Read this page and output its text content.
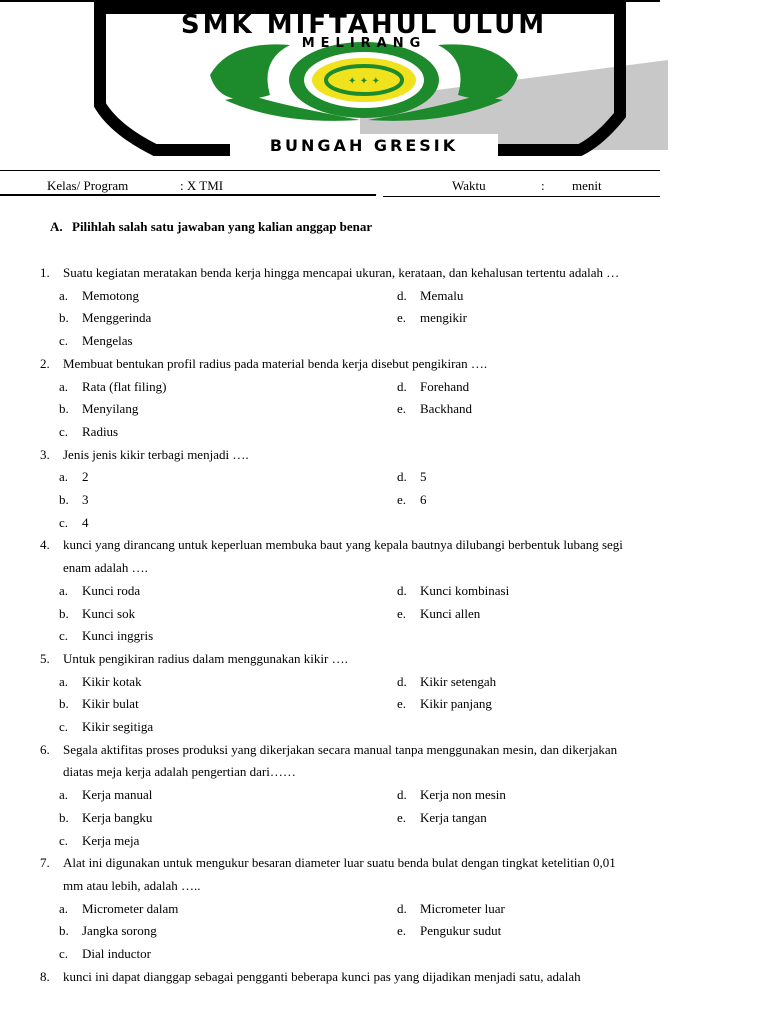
✦ ✦ ✦
SMK MIFTAHUL ULUM
MELIRANG
BUNGAH GRESIK
Kelas/ Program	: X TMI	Waktu	: menit
A. Pilihlah salah satu jawaban yang kalian anggap benar
1. Suatu kegiatan meratakan benda kerja hingga mencapai ukuran, kerataan, dan kehalusan tertentu adalah …
a. Memotong	d. Memalu
b. Menggerinda	e. mengikir
c. Mengelas
2. Membuat bentukan profil radius pada material benda kerja disebut pengikiran ….
a. Rata (flat filing)	d. Forehand
b. Menyilang	e. Backhand
c. Radius
3. Jenis jenis kikir terbagi menjadi ….
a. 2	d. 5
b. 3	e. 6
c. 4
4. kunci yang dirancang untuk keperluan membuka baut yang kepala bautnya dilubangi berbentuk lubang segi
enam adalah ….
a. Kunci roda	d. Kunci kombinasi
b. Kunci sok	e. Kunci allen
c. Kunci inggris
5. Untuk pengikiran radius dalam menggunakan kikir ….
a. Kikir kotak	d. Kikir setengah
b. Kikir bulat	e. Kikir panjang
c. Kikir segitiga
6. Segala aktifitas proses produksi yang dikerjakan secara manual tanpa menggunakan mesin, dan dikerjakan
diatas meja kerja adalah pengertian dari……
a. Kerja manual	d. Kerja non mesin
b. Kerja bangku	e. Kerja tangan
c. Kerja meja
7. Alat ini digunakan untuk mengukur besaran diameter luar suatu benda bulat dengan tingkat ketelitian 0,01
mm atau lebih, adalah …..
a. Micrometer dalam	d. Micrometer luar
b. Jangka sorong	e. Pengukur sudut
c. Dial inductor
8. kunci ini dapat dianggap sebagai pengganti beberapa kunci pas yang dijadikan menjadi satu, adalah
